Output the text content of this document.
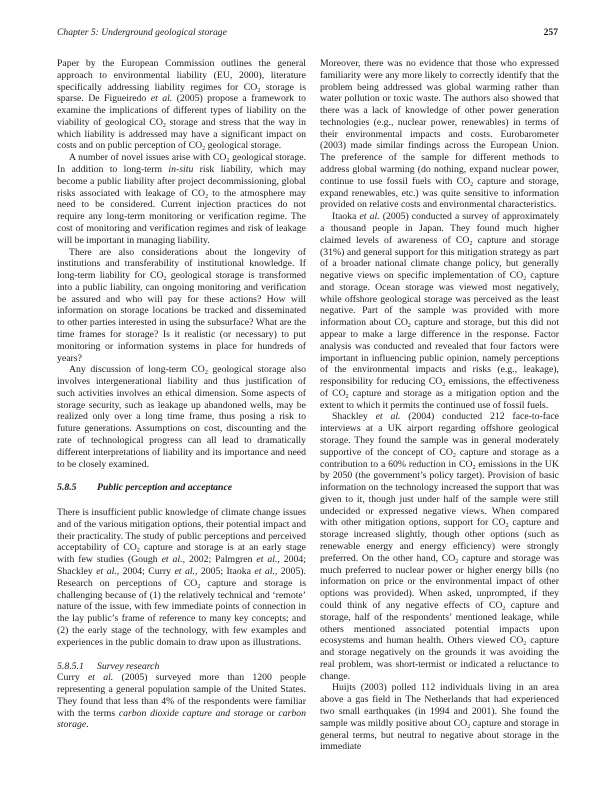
Chapter 5: Underground geological storage	257

Paper by the European Commission outlines the general approach to environmental liability (EU, 2000), literature specifically addressing liability regimes for $CO_2$ storage is sparse. De Figueiredo et al. (2005) propose a framework to examine the implications of different types of liability on the viability of geological $CO_2$ storage and stress that the way in which liability is addressed may have a significant impact on costs and on public perception of $CO_2$ geological storage.

A number of novel issues arise with $CO_2$ geological storage. In addition to long-term in-situ risk liability, which may become a public liability after project decommissioning, global risks associated with leakage of $CO_2$ to the atmosphere may need to be considered. Current injection practices do not require any long-term monitoring or verification regime. The cost of monitoring and verification regimes and risk of leakage will be important in managing liability.

There are also considerations about the longevity of institutions and transferability of institutional knowledge. If long-term liability for $CO_2$ geological storage is transformed into a public liability, can ongoing monitoring and verification be assured and who will pay for these actions? How will information on storage locations be tracked and disseminated to other parties interested in using the subsurface? What are the time frames for storage? Is it realistic (or necessary) to put monitoring or information systems in place for hundreds of years?

Any discussion of long-term $CO_2$ geological storage also involves intergenerational liability and thus justification of such activities involves an ethical dimension. Some aspects of storage security, such as leakage up abandoned wells, may be realized only over a long time frame, thus posing a risk to future generations. Assumptions on cost, discounting and the rate of technological progress can all lead to dramatically different interpretations of liability and its importance and need to be closely examined.

5.8.5 Public perception and acceptance

There is insufficient public knowledge of climate change issues and of the various mitigation options, their potential impact and their practicality. The study of public perceptions and perceived acceptability of $CO_2$ capture and storage is at an early stage with few studies (Gough et al., 2002; Palmgren et al., 2004; Shackley et al., 2004; Curry et al., 2005; Itaoka et al., 2005). Research on perceptions of $CO_2$ capture and storage is challenging because of (1) the relatively technical and ‘remote’ nature of the issue, with few immediate points of connection in the lay public’s frame of reference to many key concepts; and (2) the early stage of the technology, with few examples and experiences in the public domain to draw upon as illustrations.

5.8.5.1 Survey research

Curry et al. (2005) surveyed more than 1200 people representing a general population sample of the United States. They found that less than 4% of the respondents were familiar with the terms carbon dioxide capture and storage or carbon storage.

Moreover, there was no evidence that those who expressed familiarity were any more likely to correctly identify that the problem being addressed was global warming rather than water pollution or toxic waste. The authors also showed that there was a lack of knowledge of other power generation technologies (e.g., nuclear power, renewables) in terms of their environmental impacts and costs. Eurobarometer (2003) made similar findings across the European Union. The preference of the sample for different methods to address global warming (do nothing, expand nuclear power, continue to use fossil fuels with $CO_2$ capture and storage, expand renewables, etc.) was quite sensitive to information provided on relative costs and environmental characteristics.

Itaoka et al. (2005) conducted a survey of approximately a thousand people in Japan. They found much higher claimed levels of awareness of $CO_2$ capture and storage (31%) and general support for this mitigation strategy as part of a broader national climate change policy, but generally negative views on specific implementation of $CO_2$ capture and storage. Ocean storage was viewed most negatively, while offshore geological storage was perceived as the least negative. Part of the sample was provided with more information about $CO_2$ capture and storage, but this did not appear to make a large difference in the response. Factor analysis was conducted and revealed that four factors were important in influencing public opinion, namely perceptions of the environmental impacts and risks (e.g., leakage), responsibility for reducing $CO_2$ emissions, the effectiveness of $CO_2$ capture and storage as a mitigation option and the extent to which it permits the continued use of fossil fuels.

Shackley et al. (2004) conducted 212 face-to-face interviews at a UK airport regarding offshore geological storage. They found the sample was in general moderately supportive of the concept of $CO_2$ capture and storage as a contribution to a 60% reduction in $CO_2$ emissions in the UK by 2050 (the government’s policy target). Provision of basic information on the technology increased the support that was given to it, though just under half of the sample were still undecided or expressed negative views. When compared with other mitigation options, support for $CO_2$ capture and storage increased slightly, though other options (such as renewable energy and energy efficiency) were strongly preferred. On the other hand, $CO_2$ capture and storage was much preferred to nuclear power or higher energy bills (no information on price or the environmental impact of other options was provided). When asked, unprompted, if they could think of any negative effects of $CO_2$ capture and storage, half of the respondents’ mentioned leakage, while others mentioned associated potential impacts upon ecosystems and human health. Others viewed $CO_2$ capture and storage negatively on the grounds it was avoiding the real problem, was short-termist or indicated a reluctance to change.

Huijts (2003) polled 112 individuals living in an area above a gas field in The Netherlands that had experienced two small earthquakes (in 1994 and 2001). She found the sample was mildly positive about $CO_2$ capture and storage in general terms, but neutral to negative about storage in the immediate
